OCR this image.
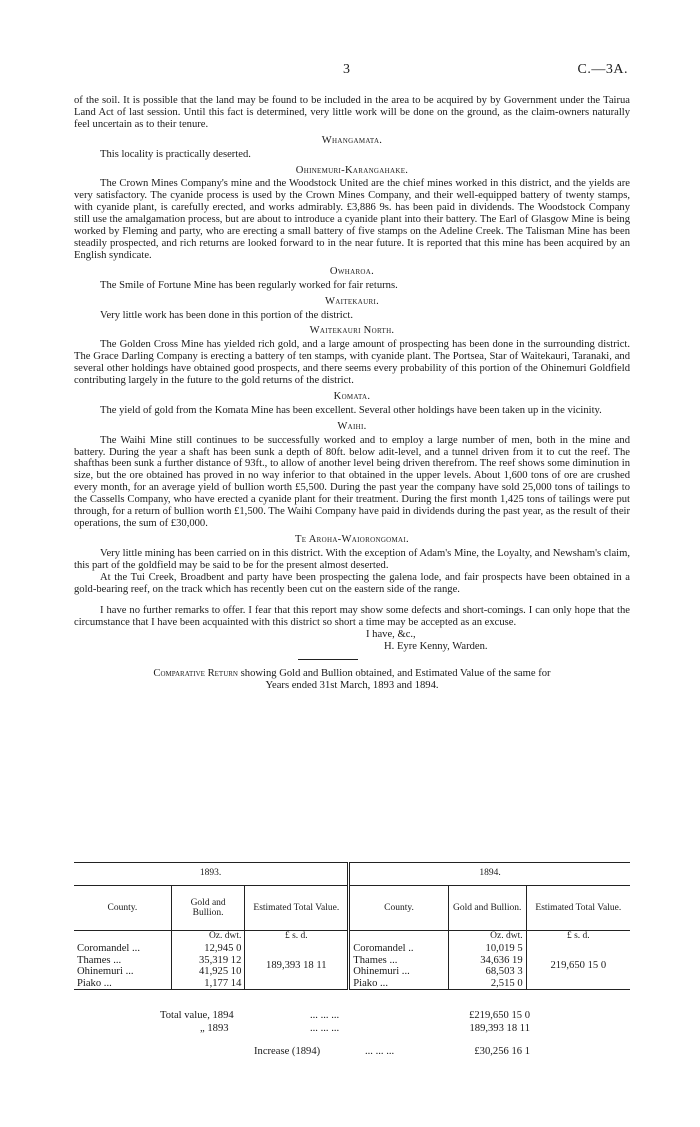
3	C.—3A.

of the soil. It is possible that the land may be found to be included in the area to be acquired by by Government under the Tairua Land Act of last session. Until this fact is determined, very little work will be done on the ground, as the claim-owners naturally feel uncertain as to their tenure.

Whangamata.

This locality is practically deserted.

Ohinemuri-Karangahake.

The Crown Mines Company's mine and the Woodstock United are the chief mines worked in this district, and the yields are very satisfactory. The cyanide process is used by the Crown Mines Company, and their well-equipped battery of twenty stamps, with cyanide plant, is carefully erected, and works admirably. £3,886 9s. has been paid in dividends. The Woodstock Company still use the amalgamation process, but are about to introduce a cyanide plant into their battery. The Earl of Glasgow Mine is being worked by Fleming and party, who are erecting a small battery of five stamps on the Adeline Creek. The Talisman Mine has been steadily prospected, and rich returns are looked forward to in the near future. It is reported that this mine has been acquired by an English syndicate.

Owharoa.

The Smile of Fortune Mine has been regularly worked for fair returns.

Waitekauri.

Very little work has been done in this portion of the district.

Waitekauri North.

The Golden Cross Mine has yielded rich gold, and a large amount of prospecting has been done in the surrounding district. The Grace Darling Company is erecting a battery of ten stamps, with cyanide plant. The Portsea, Star of Waitekauri, Taranaki, and several other holdings have obtained good prospects, and there seems every probability of this portion of the Ohinemuri Goldfield contributing largely in the future to the gold returns of the district.

Komata.

The yield of gold from the Komata Mine has been excellent. Several other holdings have been taken up in the vicinity.

Waihi.

The Waihi Mine still continues to be successfully worked and to employ a large number of men, both in the mine and battery. During the year a shaft has been sunk a depth of 80ft. below adit-level, and a tunnel driven from it to cut the reef. The shafthas been sunk a further distance of 93ft., to allow of another level being driven therefrom. The reef shows some diminution in size, but the ore obtained has proved in no way inferior to that obtained in the upper levels. About 1,600 tons of ore are crushed every month, for an average yield of bullion worth £5,500. During the past year the company have sold 25,000 tons of tailings to the Cassells Company, who have erected a cyanide plant for their treatment. During the first month 1,425 tons of tailings were put through, for a return of bullion worth £1,500. The Waihi Company have paid in dividends during the past year, as the result of their operations, the sum of £30,000.

Te Aroha-Waiorongomai.

Very little mining has been carried on in this district. With the exception of Adam's Mine, the Loyalty, and Newsham's claim, this part of the goldfield may be said to be for the present almost deserted.

At the Tui Creek, Broadbent and party have been prospecting the galena lode, and fair prospects have been obtained in a gold-bearing reef, on the track which has recently been cut on the eastern side of the range.

I have no further remarks to offer. I fear that this report may show some defects and short-comings. I can only hope that the circumstance that I have been acquainted with this district so short a time may be accepted as an excuse.

I have, &c.,
H. Eyre Kenny, Warden.
Comparative Return showing Gold and Bullion obtained, and Estimated Value of the same for
Years ended 31st March, 1893 and 1894.
1893.			1894.		
County.	Gold and Bullion.	Estimated Total Value.	County.	Gold and Bullion.	Estimated Total Value.
	Oz. dwt.	£ s. d.		Oz. dwt.	£ s. d.
Coromandel ...	12,945 0	189,393 18 11	Coromandel ..	10,019 5	219,650 15 0
Thames ...	35,319 12		Thames ...	34,636 19	
Ohinemuri ...	41,925 10		Ohinemuri ...	68,503 3	
Piako ...	1,177 14		Piako ...	2,515 0	
Total value, 1894	... ... ...	£219,650 15 0
„ 1893	... ... ...	189,393 18 11
Increase (1894)	... ... ...	£30,256 16 1
